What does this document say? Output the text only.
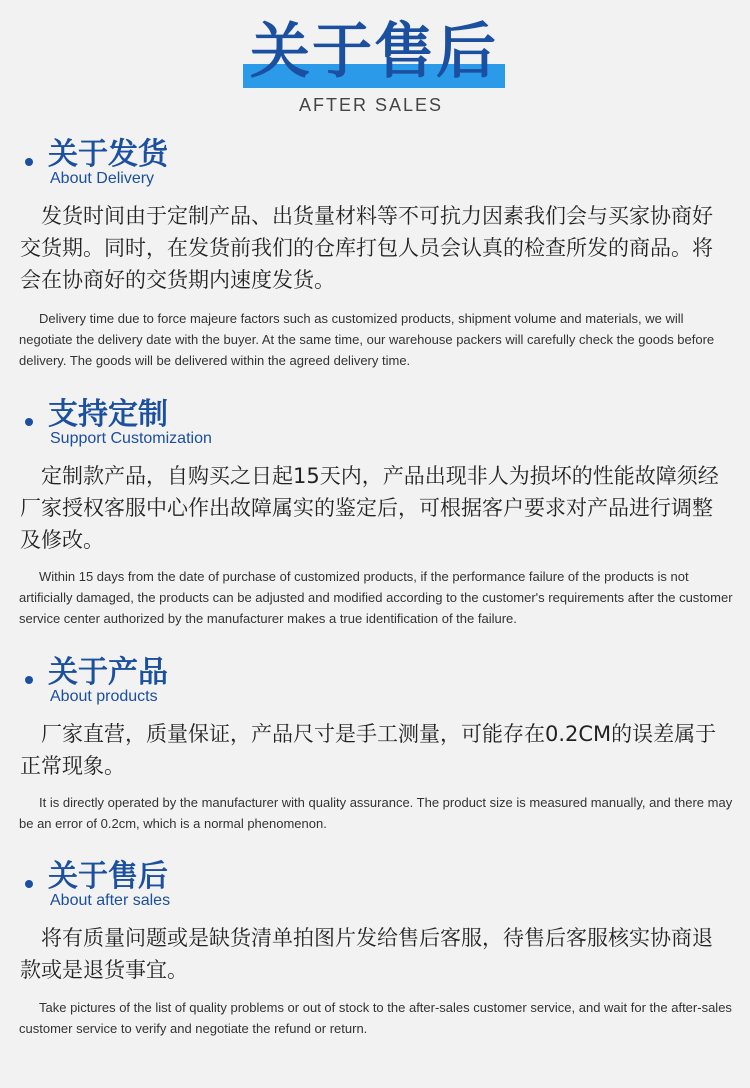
关于售后
AFTER SALES
关于发货
About Delivery
发货时间由于定制产品、出货量材料等不可抗力因素我们会与买家协商好交货期。同时，在发货前我们的仓库打包人员会认真的检查所发的商品。将会在协商好的交货期内速度发货。
Delivery time due to force majeure factors such as customized products, shipment volume and materials, we will negotiate the delivery date with the buyer. At the same time, our warehouse packers will carefully check the goods before delivery. The goods will be delivered within the agreed delivery time.
支持定制
Support Customization
定制款产品，自购买之日起15天内，产品出现非人为损坏的性能故障须经厂家授权客服中心作出故障属实的鉴定后，可根据客户要求对产品进行调整及修改。
Within 15 days from the date of purchase of customized products, if the performance failure of the products is not artificially damaged, the products can be adjusted and modified according to the customer's requirements after the customer service center authorized by the manufacturer makes a true identification of the failure.
关于产品
About products
厂家直营，质量保证，产品尺寸是手工测量，可能存在0.2CM的误差属于正常现象。
It is directly operated by the manufacturer with quality assurance. The product size is measured manually, and there may be an error of 0.2cm, which is a normal phenomenon.
关于售后
About after sales
将有质量问题或是缺货清单拍图片发给售后客服，待售后客服核实协商退款或是退货事宜。
Take pictures of the list of quality problems or out of stock to the after-sales customer service, and wait for the after-sales customer service to verify and negotiate the refund or return.
